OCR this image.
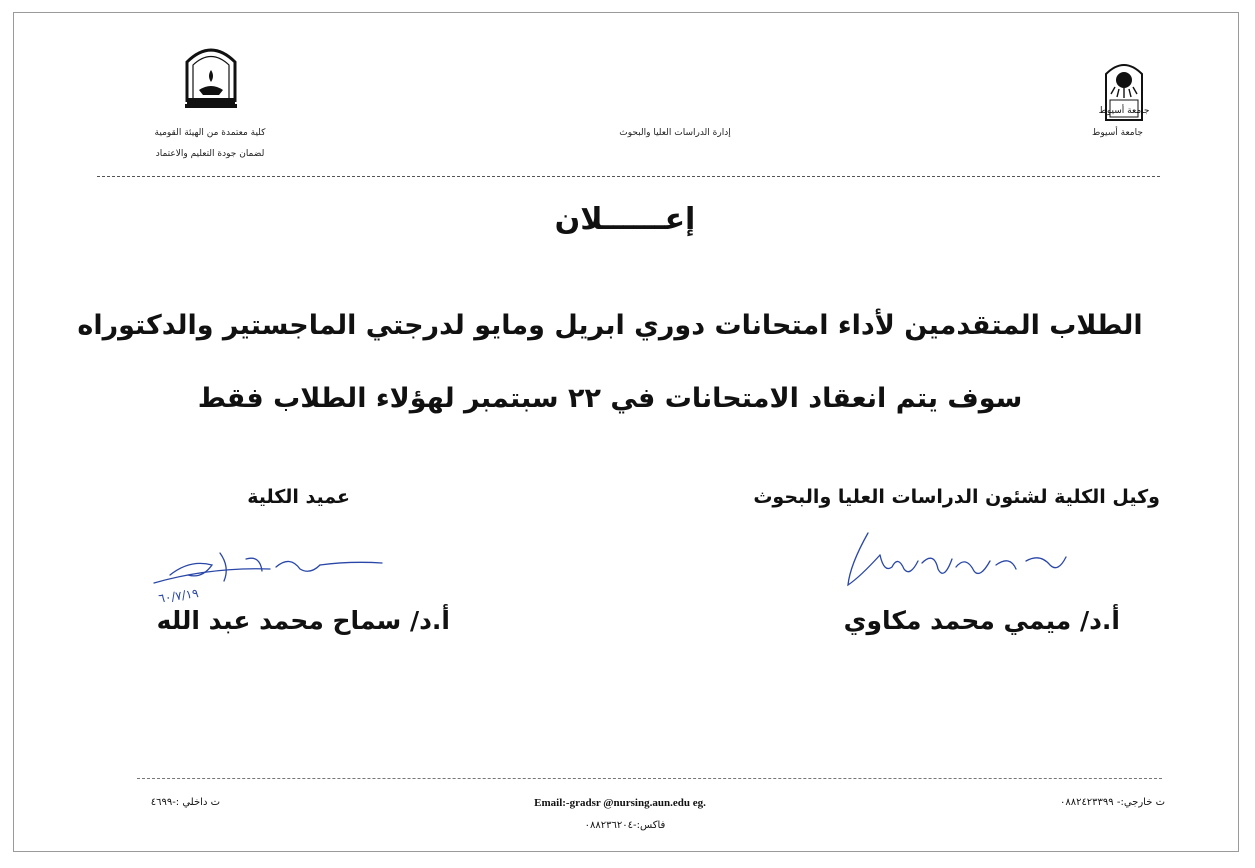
جامعة أسيوط
جامعة أسيوط
إدارة الدراسات العليا والبحوث
كلية معتمدة من الهيئة القومية
لضمان جودة التعليم والاعتماد
إعــــــلان
الطلاب المتقدمين لأداء امتحانات دوري ابريل ومايو لدرجتي الماجستير والدكتوراه
سوف يتم انعقاد الامتحانات في ٢٢ سبتمبر لهؤلاء الطلاب فقط
وكيل الكلية لشئون الدراسات العليا والبحوث
أ.د/ ميمي محمد مكاوي
عميد الكلية
٦٠/٧/١٩
أ.د/ سماح محمد عبد الله
ت خارجي:- ٠٨٨٢٤٢٣٣٩٩
Email:-gradsr @nursing.aun.edu eg.
فاكس:-٠٨٨٢٣٦٢٠٤
ت داخلي :-٤٦٩٩
